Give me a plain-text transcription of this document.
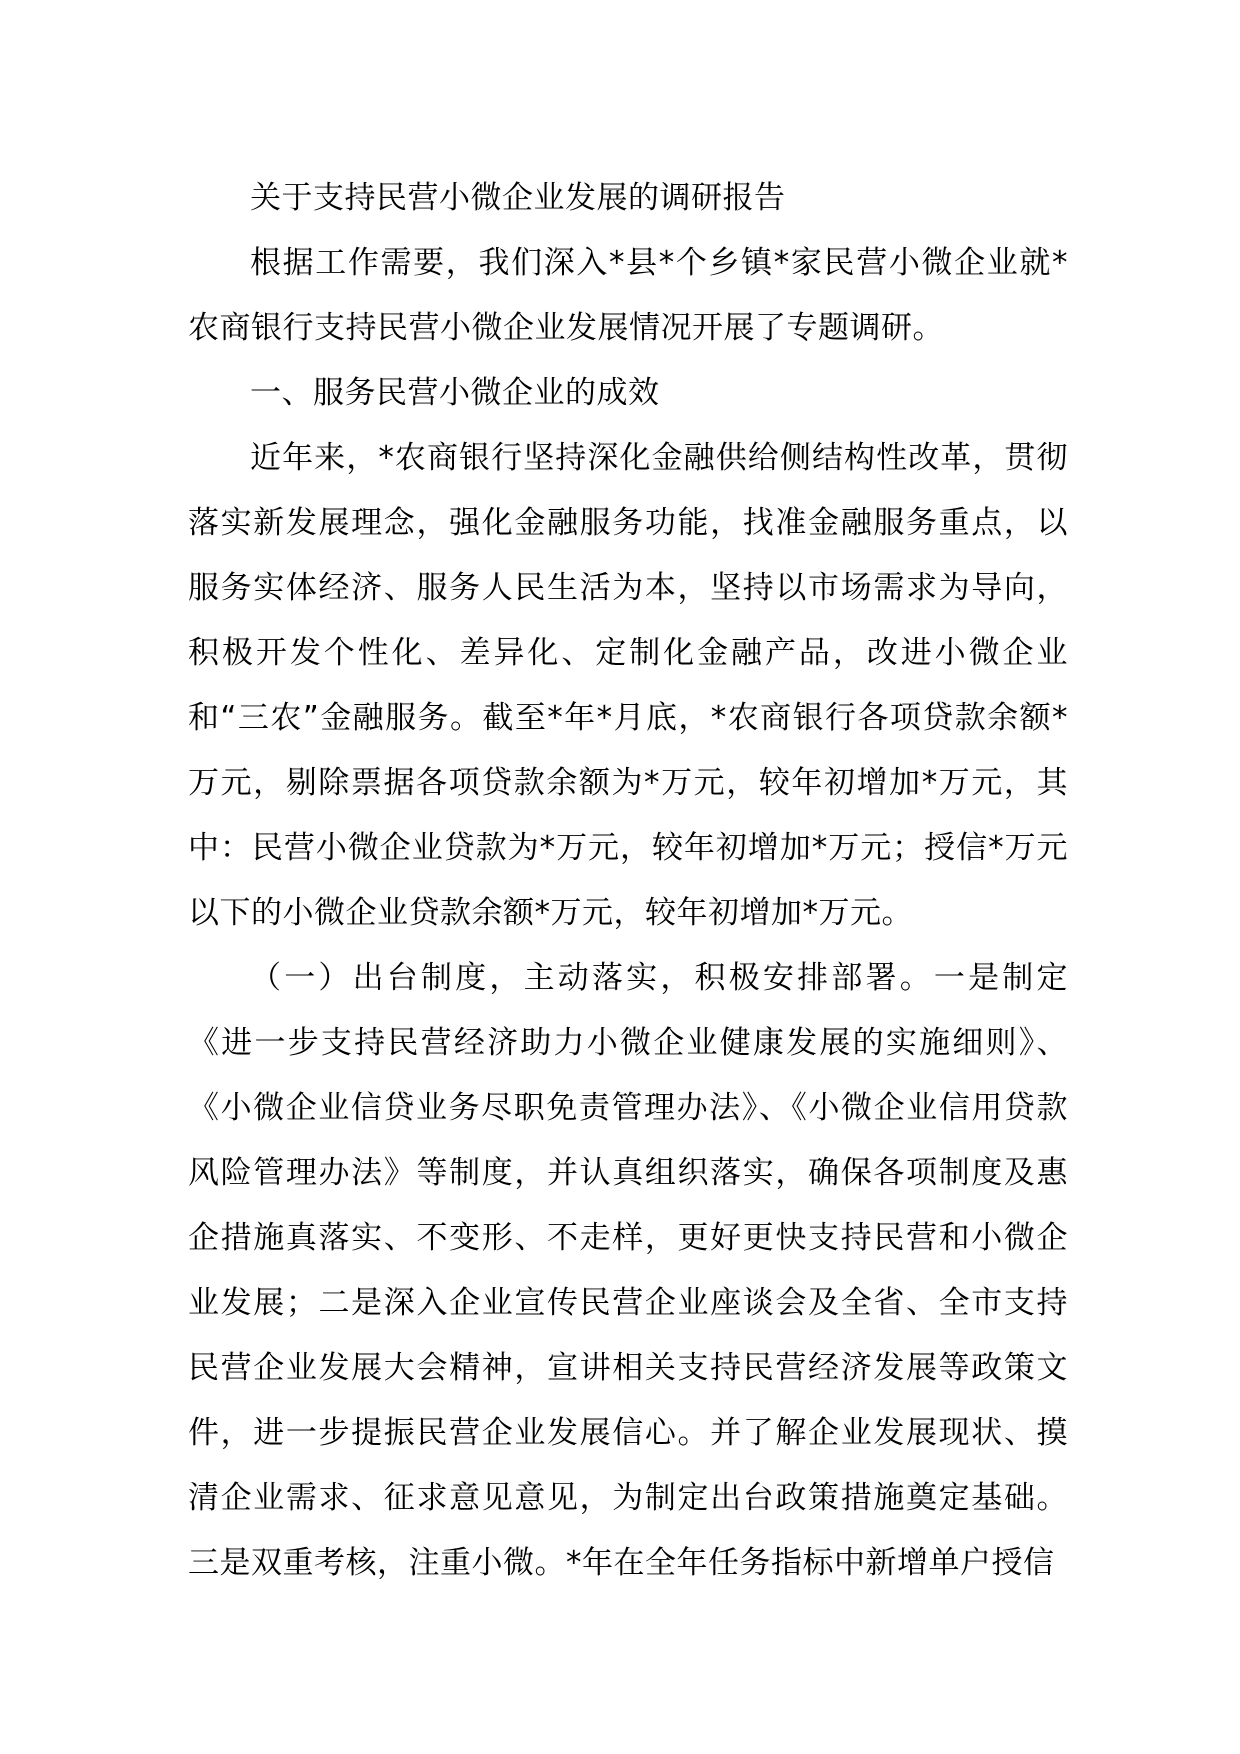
关于支持民营小微企业发展的调研报告

根据工作需要，我们深入*县*个乡镇*家民营小微企业就*农商银行支持民营小微企业发展情况开展了专题调研。

一、服务民营小微企业的成效

近年来，*农商银行坚持深化金融供给侧结构性改革，贯彻落实新发展理念，强化金融服务功能，找准金融服务重点，以服务实体经济、服务人民生活为本，坚持以市场需求为导向，积极开发个性化、差异化、定制化金融产品，改进小微企业和“三农”金融服务。截至*年*月底，*农商银行各项贷款余额*万元，剔除票据各项贷款余额为*万元，较年初增加*万元，其中：民营小微企业贷款为*万元，较年初增加*万元；授信*万元以下的小微企业贷款余额*万元，较年初增加*万元。

（一）出台制度，主动落实，积极安排部署。一是制定《进一步支持民营经济助力小微企业健康发展的实施细则》、《小微企业信贷业务尽职免责管理办法》、《小微企业信用贷款风险管理办法》等制度，并认真组织落实，确保各项制度及惠企措施真落实、不变形、不走样，更好更快支持民营和小微企业发展；二是深入企业宣传民营企业座谈会及全省、全市支持民营企业发展大会精神，宣讲相关支持民营经济发展等政策文件，进一步提振民营企业发展信心。并了解企业发展现状、摸清企业需求、征求意见意见，为制定出台政策措施奠定基础。三是双重考核，注重小微。*年在全年任务指标中新增单户授信
